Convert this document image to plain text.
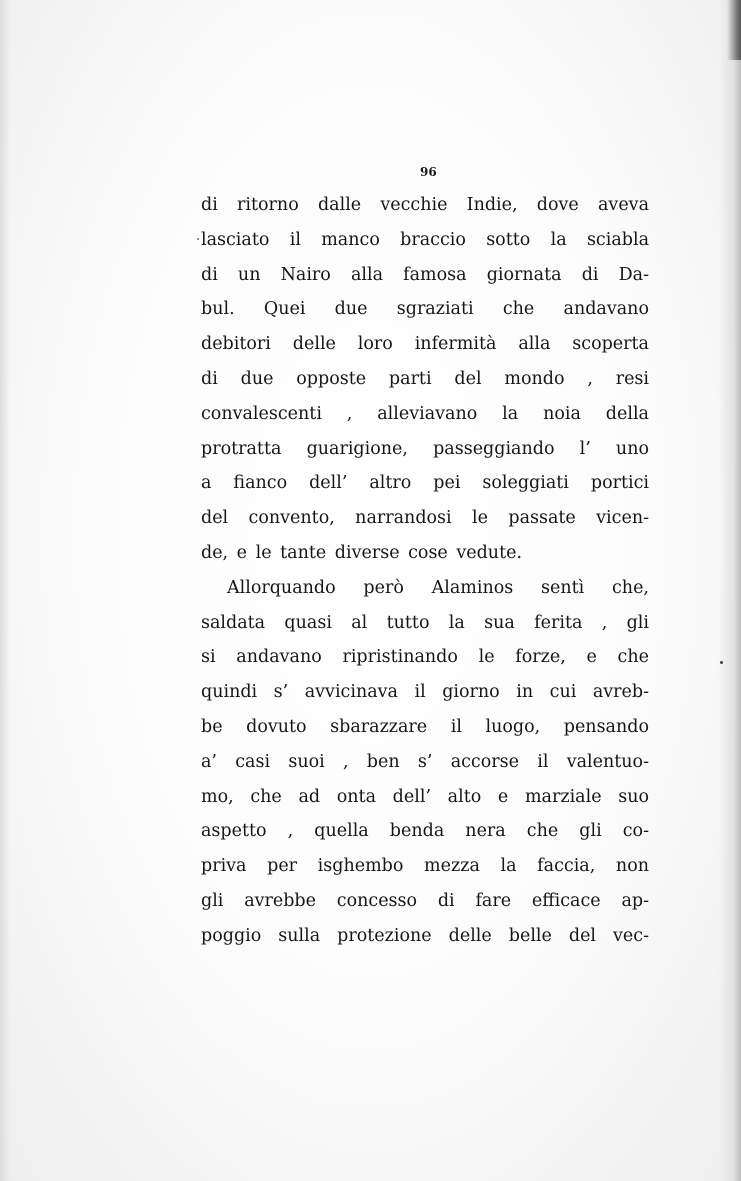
96
di ritorno dalle vecchie Indie, dove aveva
lasciato il manco braccio sotto la sciabla
di un Nairo alla famosa giornata di Da-
bul. Quei due sgraziati che andavano
debitori delle loro infermità alla scoperta
di due opposte parti del mondo , resi
convalescenti , alleviavano la noia della
protratta guarigione, passeggiando l’ uno
a fianco dell’ altro pei soleggiati portici
del convento, narrandosi le passate vicen-
de, e le tante diverse cose vedute.
Allorquando però Alaminos sentì che,
saldata quasi al tutto la sua ferita , gli
si andavano ripristinando le forze, e che
quindi s’ avvicinava il giorno in cui avreb-
be dovuto sbarazzare il luogo, pensando
a’ casi suoi , ben s’ accorse il valentuo-
mo, che ad onta dell’ alto e marziale suo
aspetto , quella benda nera che gli co-
priva per isghembo mezza la faccia, non
gli avrebbe concesso di fare efficace ap-
poggio sulla protezione delle belle del vec-
